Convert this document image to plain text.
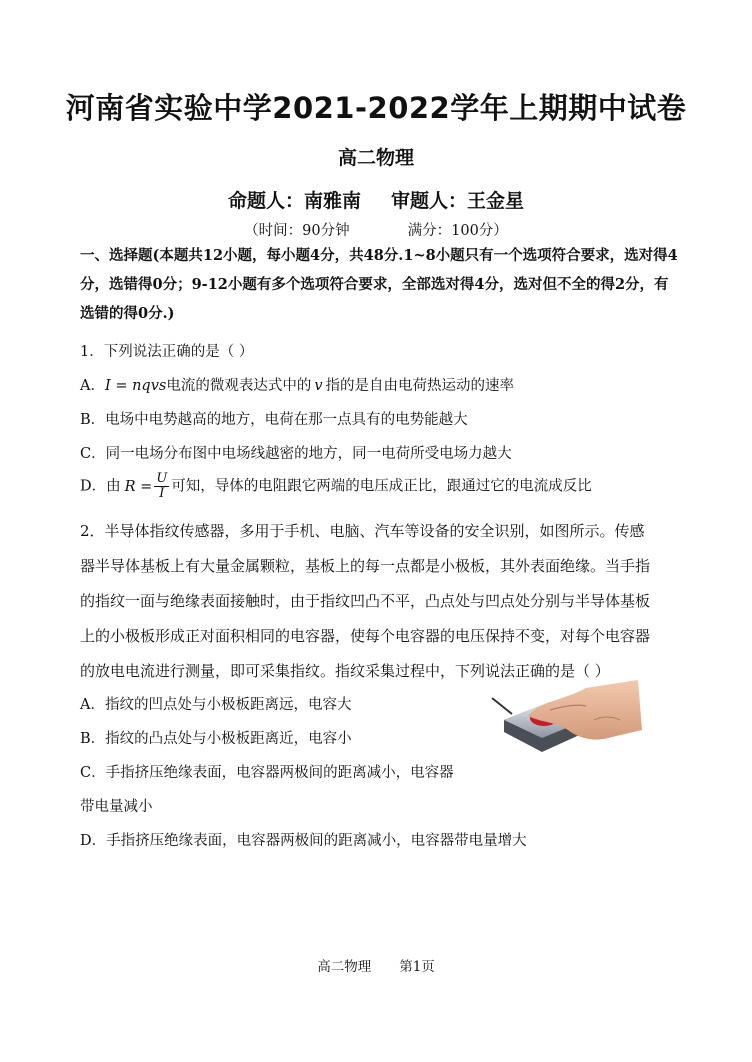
河南省实验中学2021-2022学年上期期中试卷
高二物理
命题人：南雅南 审题人：王金星
（时间：90分钟	满分：100分）
一、选择题(本题共12小题，每小题4分，共48分.1~8小题只有一个选项符合要求，选对得4分，选错得0分；9-12小题有多个选项符合要求，全部选对得4分，选对但不全的得2分，有选错的得0分.)
1．下列说法正确的是（ ）
A．I = nqvs电流的微观表达式中的 v 指的是自由电荷热运动的速率
B．电场中电势越高的地方，电荷在那一点具有的电势能越大
C．同一电场分布图中电场线越密的地方，同一电荷所受电场力越大
D．由 $R = \frac{U}{I}$ 可知，导体的电阻跟它两端的电压成正比，跟通过它的电流成反比
2．半导体指纹传感器，多用于手机、电脑、汽车等设备的安全识别，如图所示。传感
器半导体基板上有大量金属颗粒，基板上的每一点都是小极板，其外表面绝缘。当手指
的指纹一面与绝缘表面接触时，由于指纹凹凸不平，凸点处与凹点处分别与半导体基板
上的小极板形成正对面积相同的电容器，使每个电容器的电压保持不变，对每个电容器
的放电电流进行测量，即可采集指纹。指纹采集过程中，下列说法正确的是（ ）
A．指纹的凹点处与小极板距离远，电容大
B．指纹的凸点处与小极板距离近，电容小
C．手指挤压绝缘表面，电容器两极间的距离减小，电容器
带电量减小
D．手指挤压绝缘表面，电容器两极间的距离减小，电容器带电量增大
高二物理 第1页
